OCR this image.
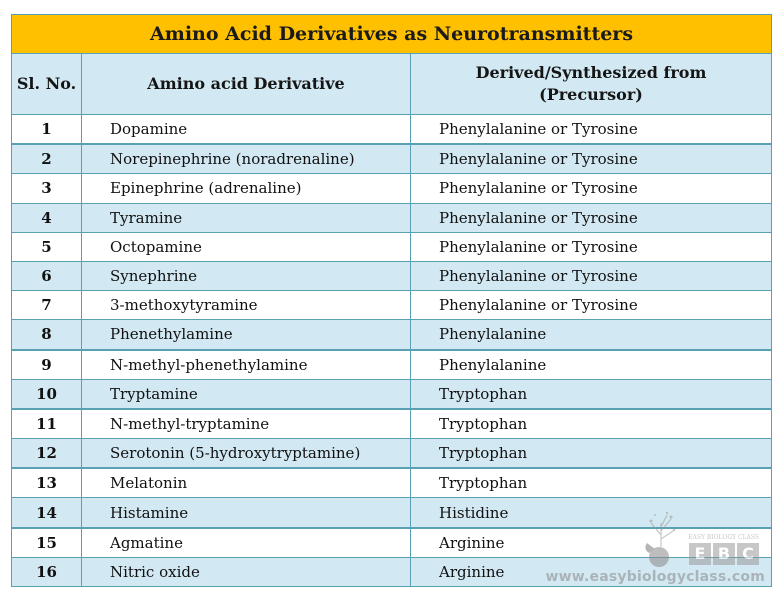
Amino Acid Derivatives as Neurotransmitters		
Sl. No.	Amino acid Derivative	Derived/Synthesized from
(Precursor)

1	Dopamine	Phenylalanine or Tyrosine
2	Norepinephrine (noradrenaline)	Phenylalanine or Tyrosine
3	Epinephrine (adrenaline)	Phenylalanine or Tyrosine
4	Tyramine	Phenylalanine or Tyrosine
5	Octopamine	Phenylalanine or Tyrosine
6	Synephrine	Phenylalanine or Tyrosine
7	3-methoxytyramine	Phenylalanine or Tyrosine
8	Phenethylamine	Phenylalanine
9	N-methyl-phenethylamine	Phenylalanine
10	Tryptamine	Tryptophan
11	N-methyl-tryptamine	Tryptophan
12	Serotonin (5-hydroxytryptamine)	Tryptophan
13	Melatonin	Tryptophan
14	Histamine	Histidine
15	Agmatine	Arginine
16	Nitric oxide	Arginine
EASY BIOLOGY CLASS
E B C
www.easybiologyclass.com
